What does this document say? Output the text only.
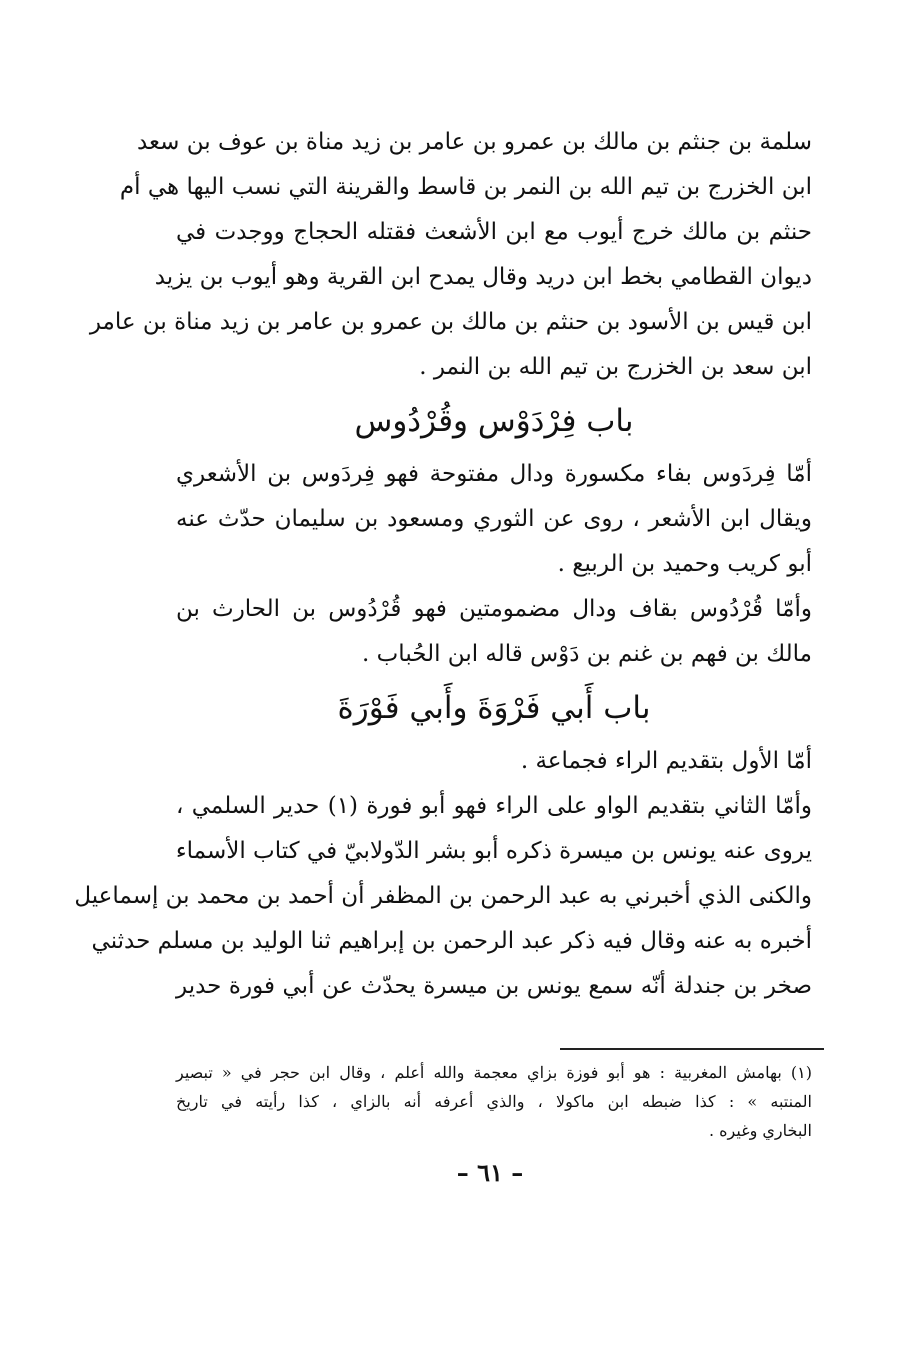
سلمة بن جنثم بن مالك بن عمرو بن عامر بن زيد مناة بن عوف بن سعد
ابن الخزرج بن تيم الله بن النمر بن قاسط والقرينة التي نسب اليها هي أم
حنثم بن مالك خرج أيوب مع ابن الأشعث فقتله الحجاج ووجدت في
ديوان القطامي بخط ابن دريد وقال يمدح ابن القرية وهو أيوب بن يزيد
ابن قيس بن الأسود بن حنثم بن مالك بن عمرو بن عامر بن زيد مناة بن عامر
ابن سعد بن الخزرج بن تيم الله بن النمر .
باب فِرْدَوْس وقُرْدُوس
أمّا فِردَوس بفاء مكسورة ودال مفتوحة فهو فِردَوس بن الأشعري
ويقال ابن الأشعر ، روى عن الثوري ومسعود بن سليمان حدّث عنه
أبو كريب وحميد بن الربيع .
وأمّا قُرْدُوس بقاف ودال مضمومتين فهو قُرْدُوس بن الحارث بن
مالك بن فهم بن غنم بن دَوْس قاله ابن الحُباب .
باب أَبي فَرْوَةَ وأَبي فَوْرَةَ
أمّا الأول بتقديم الراء فجماعة .
وأمّا الثاني بتقديم الواو على الراء فهو أبو فورة (١) حدير السلمي ،
يروى عنه يونس بن ميسرة ذكره أبو بشر الدّولابيّ في كتاب الأسماء
والكنى الذي أخبرني به عبد الرحمن بن المظفر أن أحمد بن محمد بن إسماعيل
أخبره به عنه وقال فيه ذكر عبد الرحمن بن إبراهيم ثنا الوليد بن مسلم حدثني
صخر بن جندلة أنّه سمع يونس بن ميسرة يحدّث عن أبي فورة حدير
(١) بهامش المغربية : هو أبو فوزة بزاي معجمة والله أعلم ، وقال ابن حجر في « تبصير
المنتبه » : كذا ضبطه ابن ماكولا ، والذي أعرفه أنه بالزاي ، كذا رأيته في تاريخ
البخاري وغيره .
– ٦١ –
